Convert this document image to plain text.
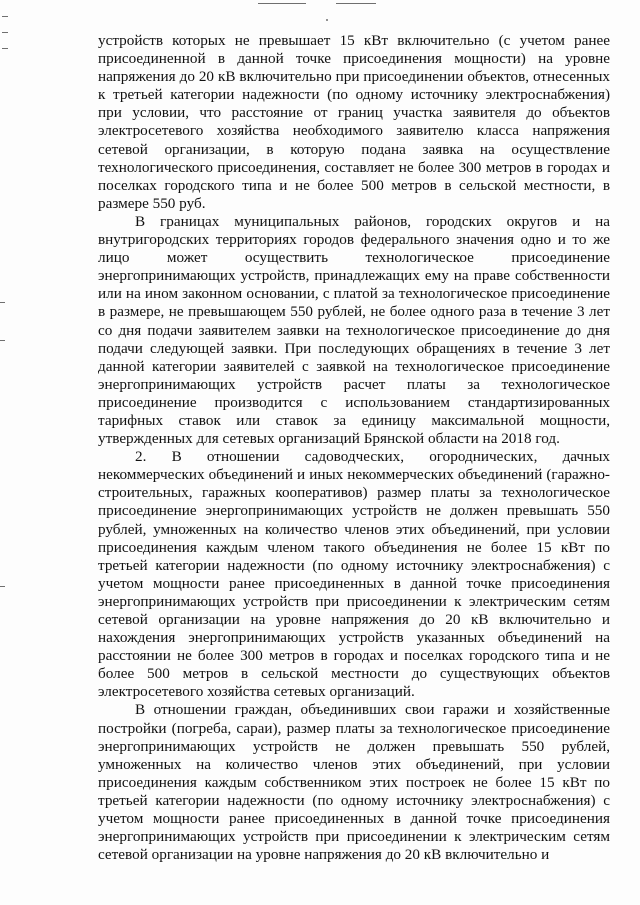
устройств которых не превышает 15 кВт включительно (с учетом ранее присоединенной в данной точке присоединения мощности) на уровне напряжения до 20 кВ включительно при присоединении объектов, отнесенных к третьей категории надежности (по одному источнику электроснабжения) при условии, что расстояние от границ участка заявителя до объектов электросетевого хозяйства необходимого заявителю класса напряжения сетевой организации, в которую подана заявка на осуществление технологического присоединения, составляет не более 300 метров в городах и поселках городского типа и не более 500 метров в сельской местности, в размере 550 руб.

В границах муниципальных районов, городских округов и на внутригородских территориях городов федерального значения одно и то же лицо может осуществить технологическое присоединение энергопринимающих устройств, принадлежащих ему на праве собственности или на ином законном основании, с платой за технологическое присоединение в размере, не превышающем 550 рублей, не более одного раза в течение 3 лет со дня подачи заявителем заявки на технологическое присоединение до дня подачи следующей заявки. При последующих обращениях в течение 3 лет данной категории заявителей с заявкой на технологическое присоединение энергопринимающих устройств расчет платы за технологическое присоединение производится с использованием стандартизированных тарифных ставок или ставок за единицу максимальной мощности, утвержденных для сетевых организаций Брянской области на 2018 год.

2. В отношении садоводческих, огороднических, дачных некоммерческих объединений и иных некоммерческих объединений (гаражно-строительных, гаражных кооперативов) размер платы за технологическое присоединение энергопринимающих устройств не должен превышать 550 рублей, умноженных на количество членов этих объединений, при условии присоединения каждым членом такого объединения не более 15 кВт по третьей категории надежности (по одному источнику электроснабжения) с учетом мощности ранее присоединенных в данной точке присоединения энергопринимающих устройств при присоединении к электрическим сетям сетевой организации на уровне напряжения до 20 кВ включительно и нахождения энергопринимающих устройств указанных объединений на расстоянии не более 300 метров в городах и поселках городского типа и не более 500 метров в сельской местности до существующих объектов электросетевого хозяйства сетевых организаций.

В отношении граждан, объединивших свои гаражи и хозяйственные постройки (погреба, сараи), размер платы за технологическое присоединение энергопринимающих устройств не должен превышать 550 рублей, умноженных на количество членов этих объединений, при условии присоединения каждым собственником этих построек не более 15 кВт по третьей категории надежности (по одному источнику электроснабжения) с учетом мощности ранее присоединенных в данной точке присоединения энергопринимающих устройств при присоединении к электрическим сетям сетевой организации на уровне напряжения до 20 кВ включительно и
